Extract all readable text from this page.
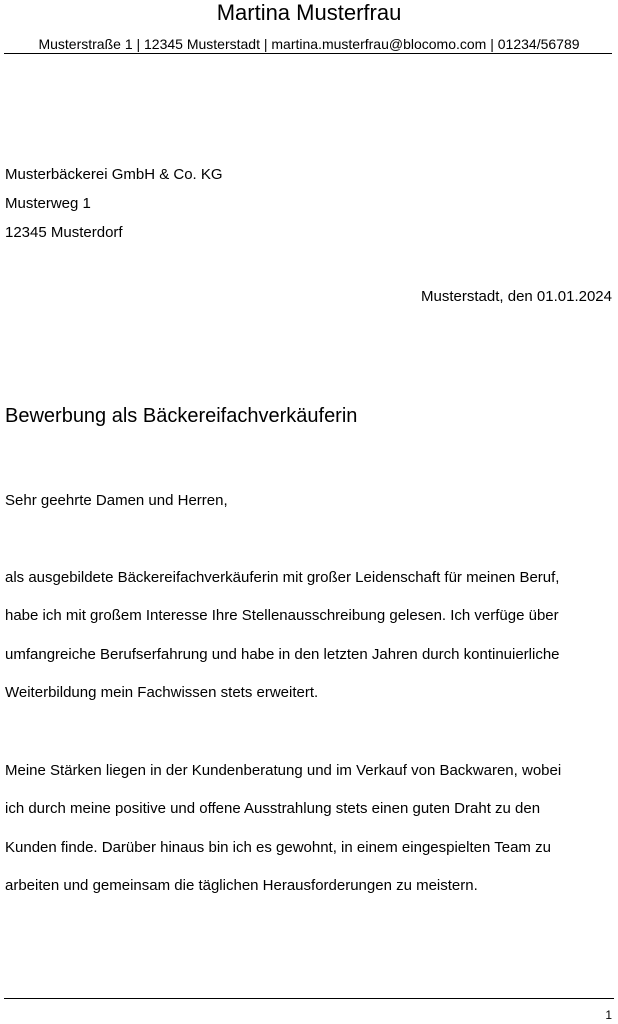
Martina Musterfrau
Musterstraße 1 | 12345 Musterstadt | martina.musterfrau@blocomo.com | 01234/56789
Musterbäckerei GmbH & Co. KG
Musterweg 1
12345 Musterdorf
Musterstadt, den 01.01.2024
Bewerbung als Bäckereifachverkäuferin
Sehr geehrte Damen und Herren,
als ausgebildete Bäckereifachverkäuferin mit großer Leidenschaft für meinen Beruf,
habe ich mit großem Interesse Ihre Stellenausschreibung gelesen. Ich verfüge über
umfangreiche Berufserfahrung und habe in den letzten Jahren durch kontinuierliche
Weiterbildung mein Fachwissen stets erweitert.
Meine Stärken liegen in der Kundenberatung und im Verkauf von Backwaren, wobei
ich durch meine positive und offene Ausstrahlung stets einen guten Draht zu den
Kunden finde. Darüber hinaus bin ich es gewohnt, in einem eingespielten Team zu
arbeiten und gemeinsam die täglichen Herausforderungen zu meistern.
1
